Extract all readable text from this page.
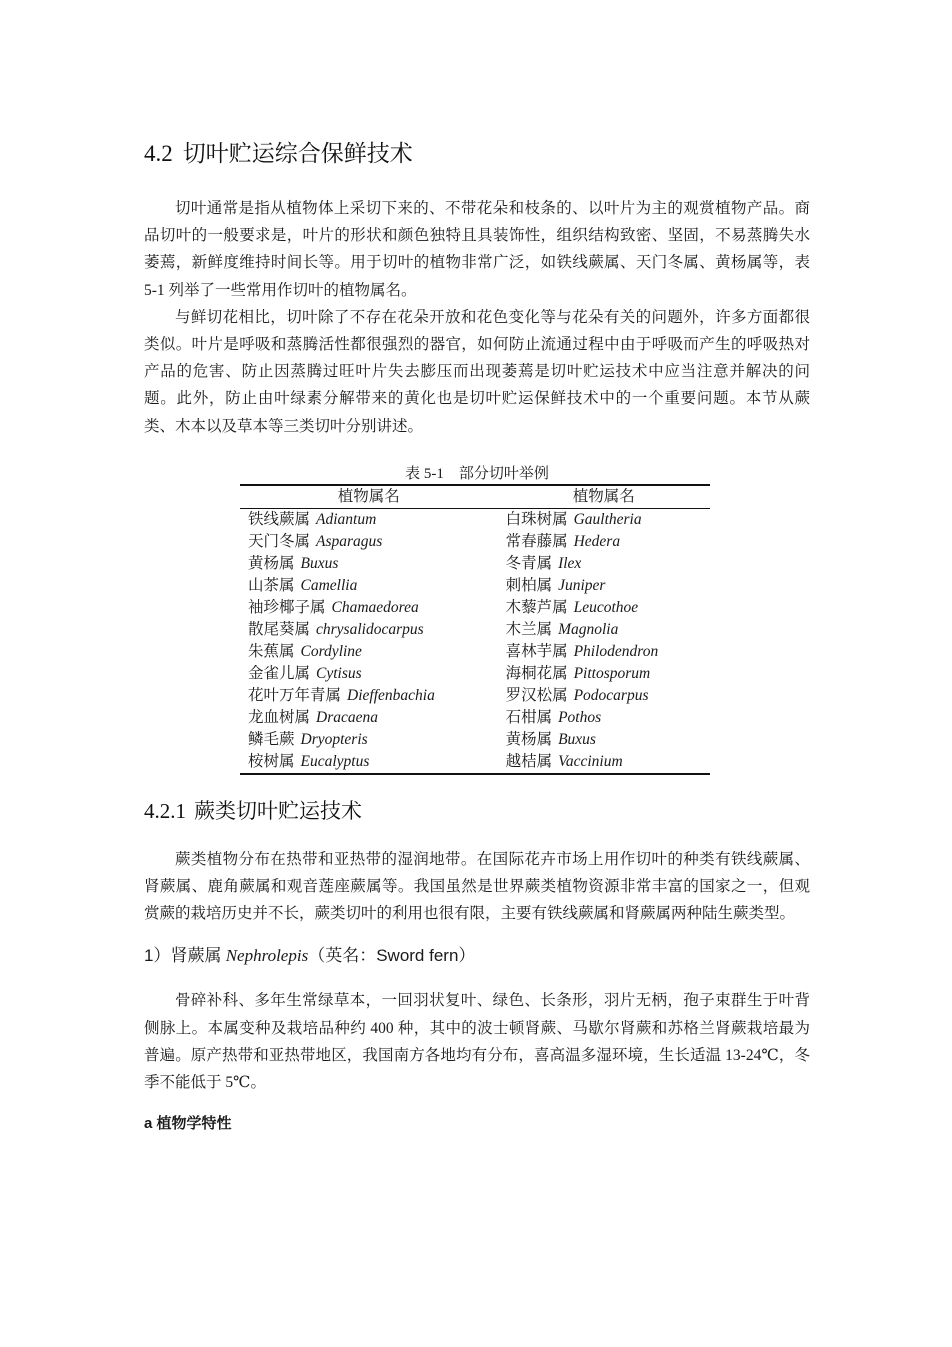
4.2 切叶贮运综合保鲜技术

切叶通常是指从植物体上采切下来的、不带花朵和枝条的、以叶片为主的观赏植物产品。商品切叶的一般要求是，叶片的形状和颜色独特且具装饰性，组织结构致密、坚固，不易蒸腾失水萎蔫，新鲜度维持时间长等。用于切叶的植物非常广泛，如铁线蕨属、天门冬属、黄杨属等，表 5-1 列举了一些常用作切叶的植物属名。

与鲜切花相比，切叶除了不存在花朵开放和花色变化等与花朵有关的问题外，许多方面都很类似。叶片是呼吸和蒸腾活性都很强烈的器官，如何防止流通过程中由于呼吸而产生的呼吸热对产品的危害、防止因蒸腾过旺叶片失去膨压而出现萎蔫是切叶贮运技术中应当注意并解决的问题。此外，防止由叶绿素分解带来的黄化也是切叶贮运保鲜技术中的一个重要问题。本节从蕨类、木本以及草本等三类切叶分别讲述。

表 5-1　部分切叶举例
植物属名	植物属名
铁线蕨属 Adiantum	白珠树属 Gaultheria
天门冬属 Asparagus	常春藤属 Hedera
黄杨属 Buxus	冬青属 Ilex
山茶属 Camellia	刺柏属 Juniper
袖珍椰子属 Chamaedorea	木藜芦属 Leucothoe
散尾葵属 chrysalidocarpus	木兰属 Magnolia
朱蕉属 Cordyline	喜林芋属 Philodendron
金雀儿属 Cytisus	海桐花属 Pittosporum
花叶万年青属 Dieffenbachia	罗汉松属 Podocarpus
龙血树属 Dracaena	石柑属 Pothos
鳞毛蕨 Dryopteris	黄杨属 Buxus
桉树属 Eucalyptus	越桔属 Vaccinium
4.2.1 蕨类切叶贮运技术

蕨类植物分布在热带和亚热带的湿润地带。在国际花卉市场上用作切叶的种类有铁线蕨属、肾蕨属、鹿角蕨属和观音莲座蕨属等。我国虽然是世界蕨类植物资源非常丰富的国家之一，但观赏蕨的栽培历史并不长，蕨类切叶的利用也很有限，主要有铁线蕨属和肾蕨属两种陆生蕨类型。

1）肾蕨属 Nephrolepis（英名：Sword fern）

骨碎补科、多年生常绿草本，一回羽状复叶、绿色、长条形，羽片无柄，孢子束群生于叶背侧脉上。本属变种及栽培品种约 400 种，其中的波士顿肾蕨、马歇尔肾蕨和苏格兰肾蕨栽培最为普遍。原产热带和亚热带地区，我国南方各地均有分布，喜高温多湿环境，生长适温 13-24℃，冬季不能低于 5℃。

a 植物学特性
